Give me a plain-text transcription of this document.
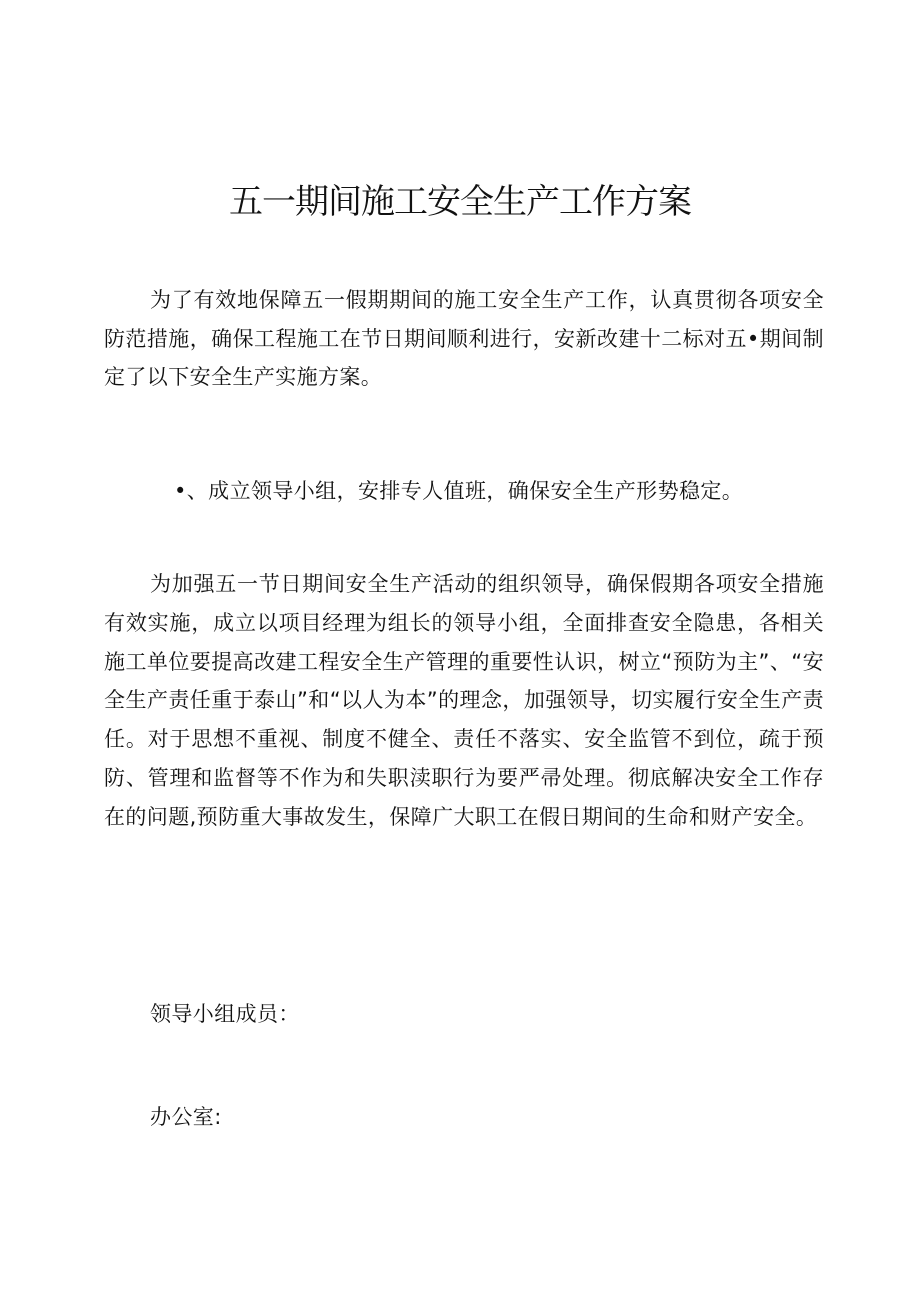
五一期间施工安全生产工作方案

为了有效地保障五一假期期间的施工安全生产工作，认真贯彻各项安全防范措施，确保工程施工在节日期间顺利进行，安新改建十二标对五•期间制定了以下安全生产实施方案。

•、成立领导小组，安排专人值班，确保安全生产形势稳定。

为加强五一节日期间安全生产活动的组织领导，确保假期各项安全措施有效实施，成立以项目经理为组长的领导小组，全面排查安全隐患，各相关施工单位要提高改建工程安全生产管理的重要性认识，树立“预防为主”、“安全生产责任重于泰山”和“以人为本”的理念，加强领导，切实履行安全生产责任。对于思想不重视、制度不健全、责任不落实、安全监管不到位，疏于预防、管理和监督等不作为和失职渎职行为要严帚处理。彻底解决安全工作存在的问题,预防重大事故发生，保障广大职工在假日期间的生命和财产安全。

领导小组成员：

办公室:
